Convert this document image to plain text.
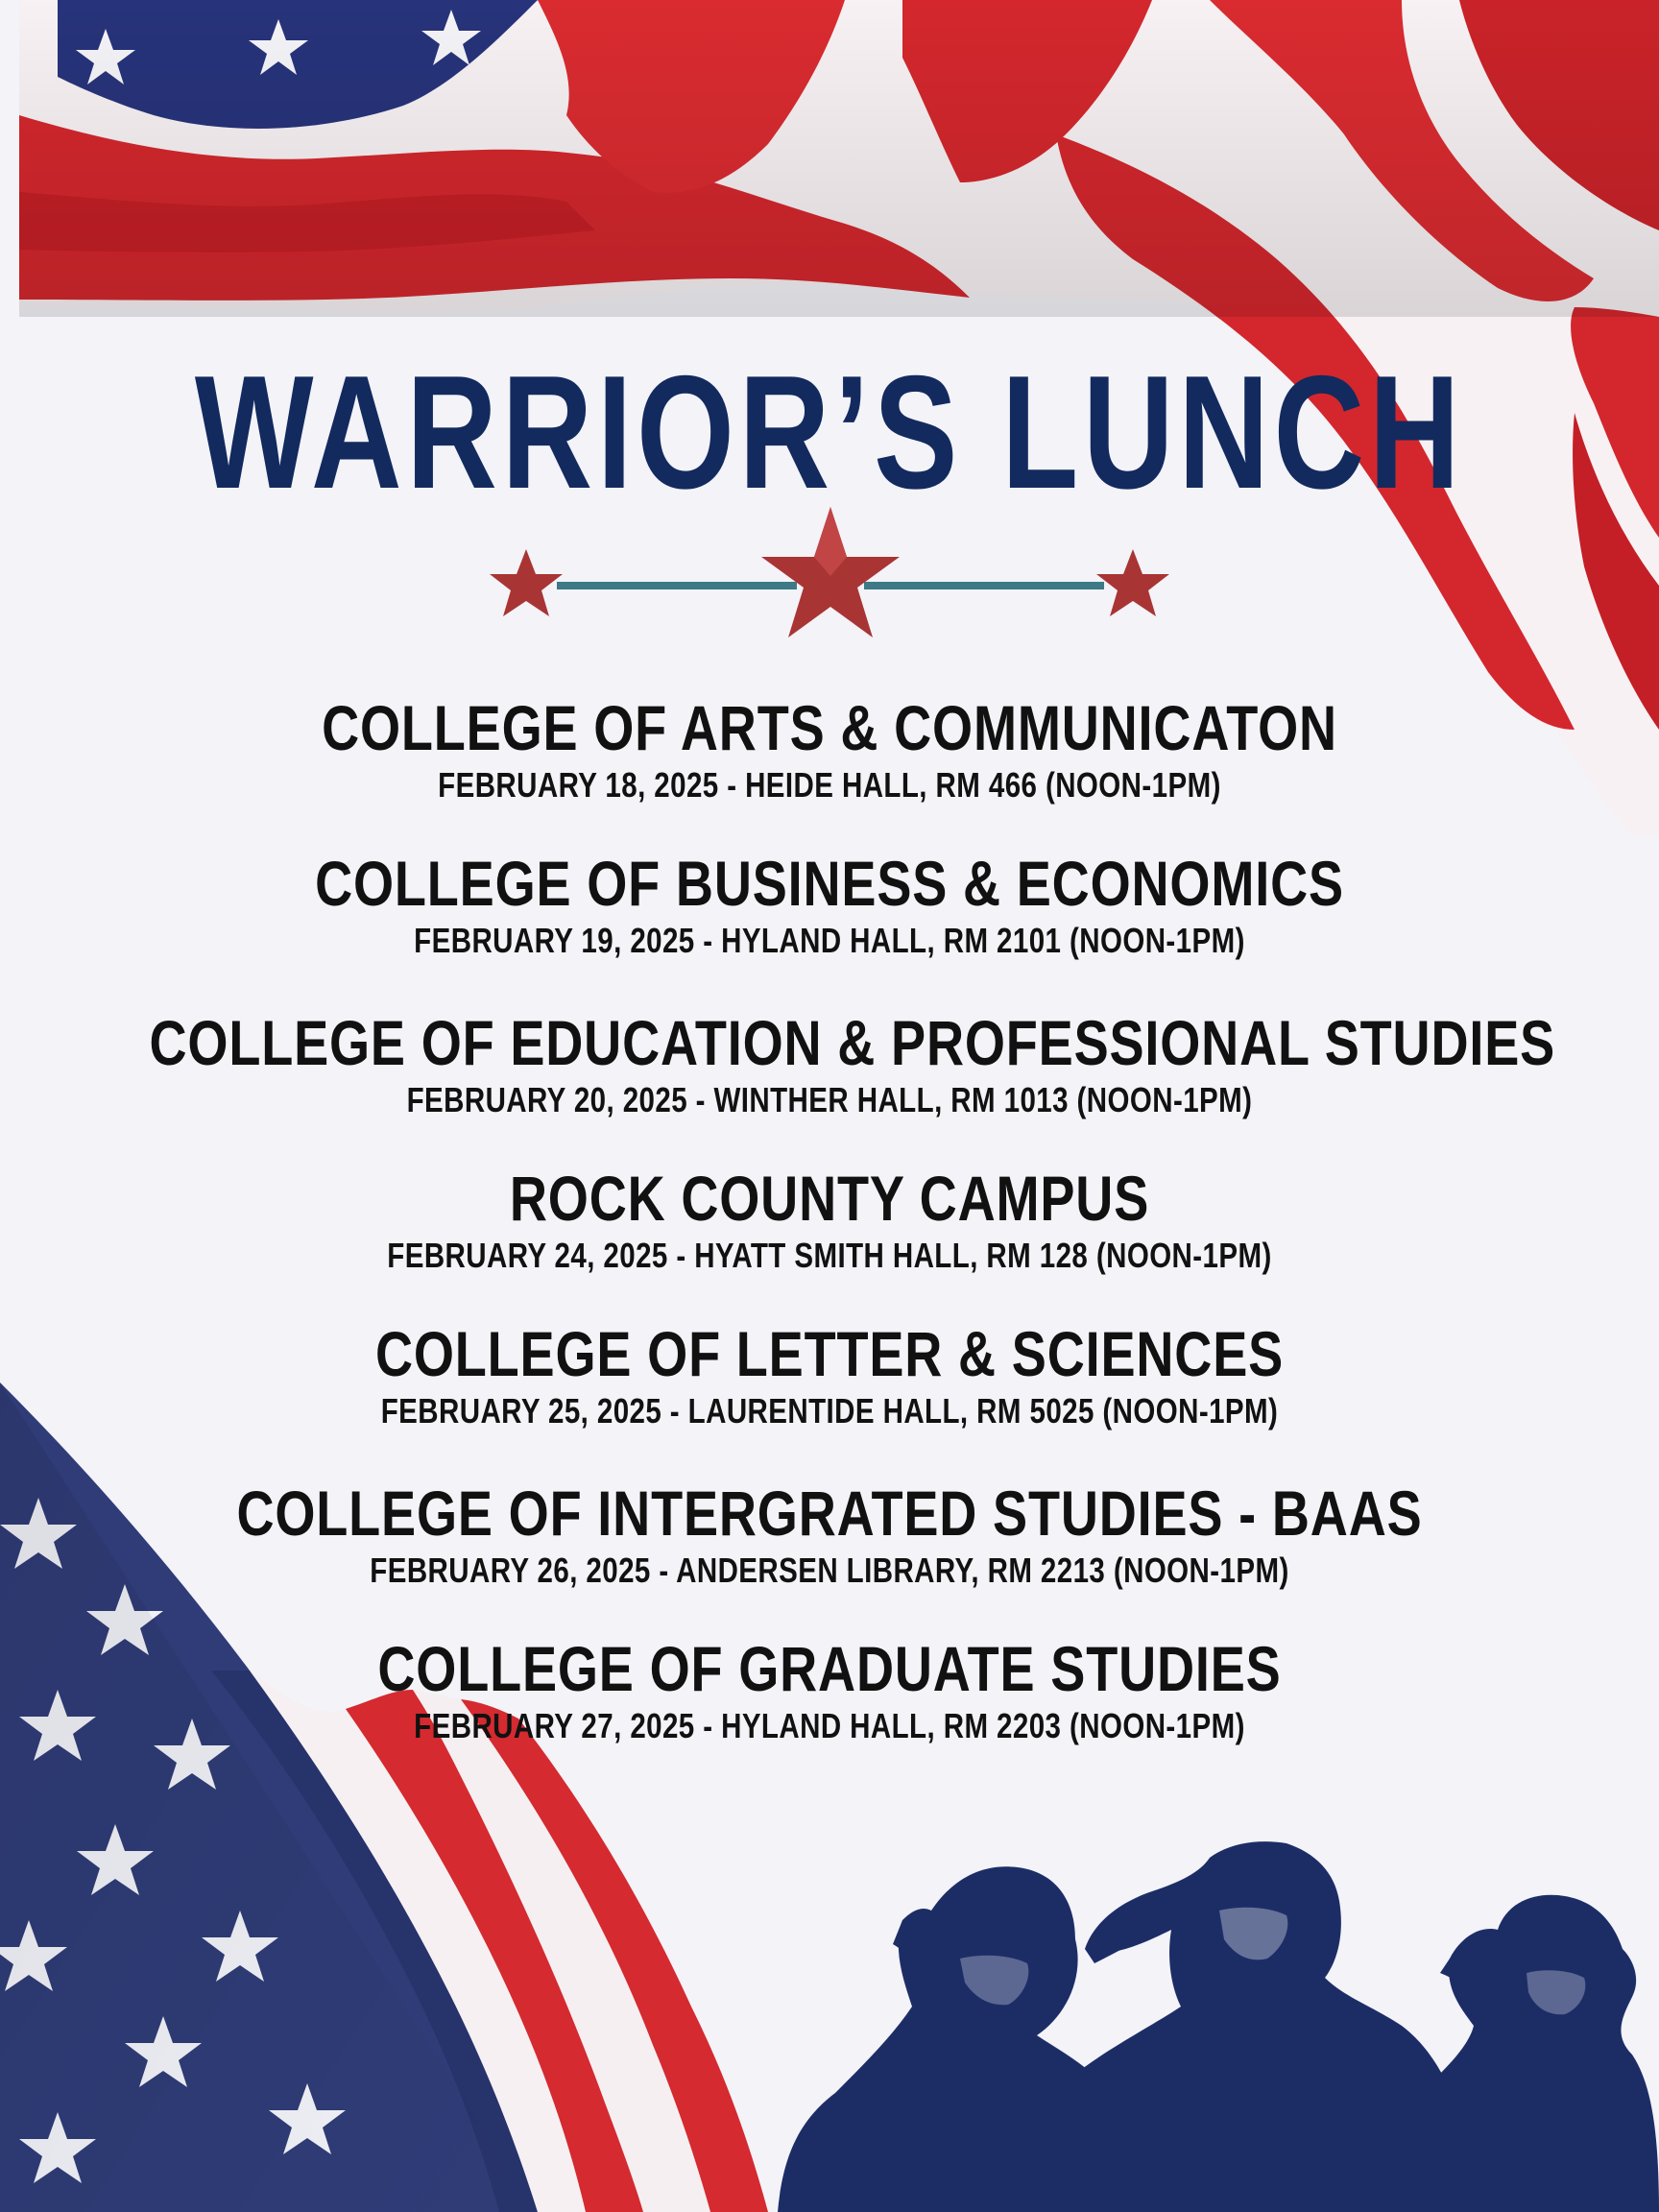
WARRIOR’S LUNCH
COLLEGE OF ARTS & COMMUNICATON
FEBRUARY 18, 2025 - HEIDE HALL, RM 466 (NOON-1PM)
COLLEGE OF BUSINESS & ECONOMICS
FEBRUARY 19, 2025 - HYLAND HALL, RM 2101 (NOON-1PM)
COLLEGE OF EDUCATION & PROFESSIONAL STUDIES
FEBRUARY 20, 2025 - WINTHER HALL, RM 1013 (NOON-1PM)
ROCK COUNTY CAMPUS
FEBRUARY 24, 2025 - HYATT SMITH HALL, RM 128 (NOON-1PM)
COLLEGE OF LETTER & SCIENCES
FEBRUARY 25, 2025 - LAURENTIDE HALL, RM 5025 (NOON-1PM)
COLLEGE OF INTERGRATED STUDIES - BAAS
FEBRUARY 26, 2025 - ANDERSEN LIBRARY, RM 2213 (NOON-1PM)
COLLEGE OF GRADUATE STUDIES
FEBRUARY 27, 2025 - HYLAND HALL, RM 2203 (NOON-1PM)
